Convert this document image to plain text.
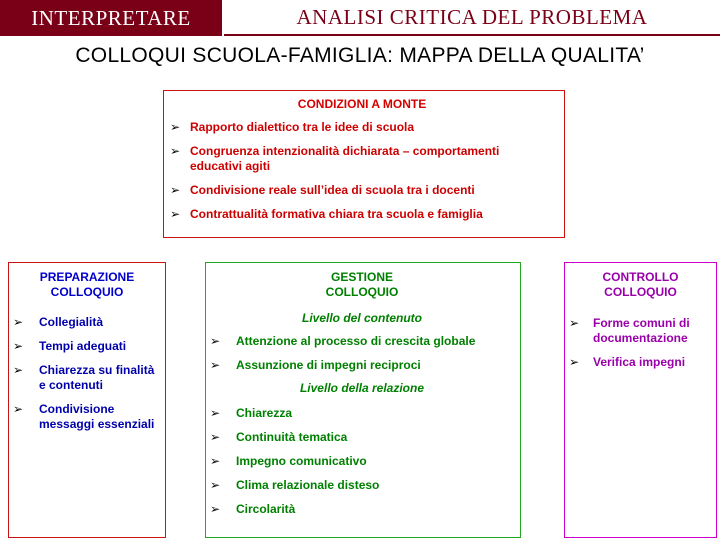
INTERPRETARE	ANALISI CRITICA DEL PROBLEMA
COLLOQUI SCUOLA-FAMIGLIA: MAPPA DELLA QUALITA’
CONDIZIONI A MONTE
➢ Rapporto dialettico tra le idee di scuola
➢ Congruenza intenzionalità dichiarata – comportamenti educativi agiti
➢ Condivisione reale sull’idea di scuola tra i docenti
➢ Contrattualità formativa chiara tra scuola e famiglia
PREPARAZIONE
COLLOQUIO
➢	Collegialità
➢	Tempi adeguati
➢	Chiarezza su finalità e contenuti
➢	Condivisione messaggi essenziali
GESTIONE
COLLOQUIO
Livello del contenuto
➢	Attenzione al processo di crescita globale
➢	Assunzione di impegni reciproci
Livello della relazione
➢	Chiarezza
➢	Continuità tematica
➢	Impegno comunicativo
➢	Clima relazionale disteso
➢	Circolarità
CONTROLLO
COLLOQUIO
➢	Forme comuni di documentazione
➢	Verifica impegni
